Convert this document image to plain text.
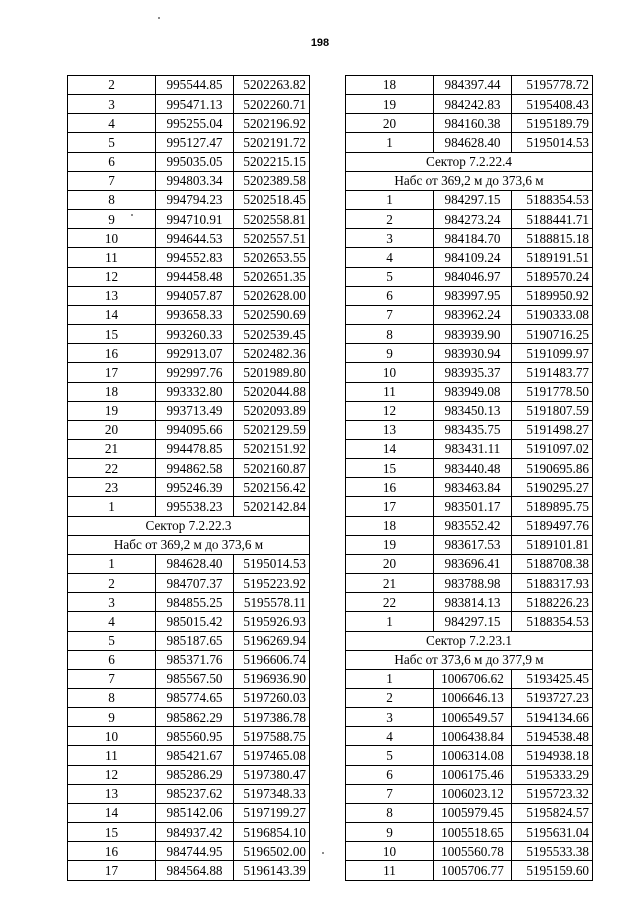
198
2	995544.85	5202263.82
3	995471.13	5202260.71
4	995255.04	5202196.92
5	995127.47	5202191.72
6	995035.05	5202215.15
7	994803.34	5202389.58
8	994794.23	5202518.45
9	994710.91	5202558.81
10	994644.53	5202557.51
11	994552.83	5202653.55
12	994458.48	5202651.35
13	994057.87	5202628.00
14	993658.33	5202590.69
15	993260.33	5202539.45
16	992913.07	5202482.36
17	992997.76	5201989.80
18	993332.80	5202044.88
19	993713.49	5202093.89
20	994095.66	5202129.59
21	994478.85	5202151.92
22	994862.58	5202160.87
23	995246.39	5202156.42
1	995538.23	5202142.84
Сектор 7.2.22.3		
Набс от 369,2 м до 373,6 м		
1	984628.40	5195014.53
2	984707.37	5195223.92
3	984855.25	5195578.11
4	985015.42	5195926.93
5	985187.65	5196269.94
6	985371.76	5196606.74
7	985567.50	5196936.90
8	985774.65	5197260.03
9	985862.29	5197386.78
10	985560.95	5197588.75
11	985421.67	5197465.08
12	985286.29	5197380.47
13	985237.62	5197348.33
14	985142.06	5197199.27
15	984937.42	5196854.10
16	984744.95	5196502.00
17	984564.88	5196143.39
18	984397.44	5195778.72
19	984242.83	5195408.43
20	984160.38	5195189.79
1	984628.40	5195014.53
Сектор 7.2.22.4		
Набс от 369,2 м до 373,6 м		
1	984297.15	5188354.53
2	984273.24	5188441.71
3	984184.70	5188815.18
4	984109.24	5189191.51
5	984046.97	5189570.24
6	983997.95	5189950.92
7	983962.24	5190333.08
8	983939.90	5190716.25
9	983930.94	5191099.97
10	983935.37	5191483.77
11	983949.08	5191778.50
12	983450.13	5191807.59
13	983435.75	5191498.27
14	983431.11	5191097.02
15	983440.48	5190695.86
16	983463.84	5190295.27
17	983501.17	5189895.75
18	983552.42	5189497.76
19	983617.53	5189101.81
20	983696.41	5188708.38
21	983788.98	5188317.93
22	983814.13	5188226.23
1	984297.15	5188354.53
Сектор 7.2.23.1		
Набс от 373,6 м до 377,9 м		
1	1006706.62	5193425.45
2	1006646.13	5193727.23
3	1006549.57	5194134.66
4	1006438.84	5194538.48
5	1006314.08	5194938.18
6	1006175.46	5195333.29
7	1006023.12	5195723.32
8	1005979.45	5195824.57
9	1005518.65	5195631.04
10	1005560.78	5195533.38
11	1005706.77	5195159.60
